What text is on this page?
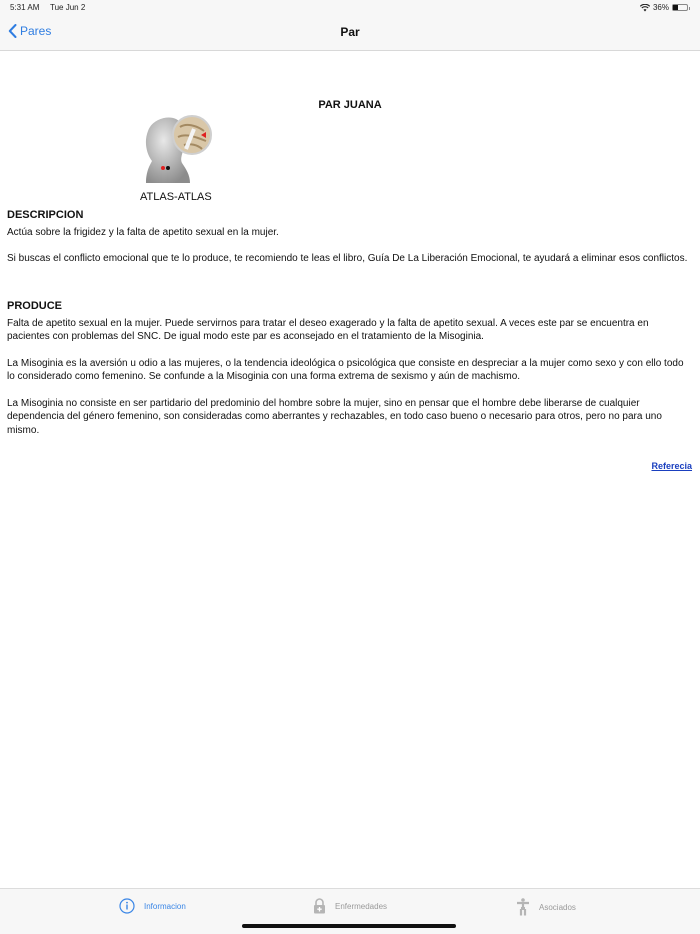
5:31 AM Tue Jun 2	36%
Pares	Par
PAR JUANA
ATLAS-ATLAS
DESCRIPCION

Actúa sobre la frigidez y la falta de apetito sexual en la mujer.

Si buscas el conflicto emocional que te lo produce, te recomiendo te leas el libro, Guía De La Liberación Emocional, te ayudará a eliminar esos conflictos.

PRODUCE

Falta de apetito sexual en la mujer. Puede servirnos para tratar el deseo exagerado y la falta de apetito sexual. A veces este par se encuentra en pacientes con problemas del SNC. De igual modo este par es aconsejado en el tratamiento de la Misoginia.

La Misoginia es la aversión u odio a las mujeres, o la tendencia ideológica o psicológica que consiste en despreciar a la mujer como sexo y con ello todo lo considerado como femenino. Se confunde a la Misoginia con una forma extrema de sexismo y aún de machismo.

La Misoginia no consiste en ser partidario del predominio del hombre sobre la mujer, sino en pensar que el hombre debe liberarse de cualquier dependencia del género femenino, son consideradas como aberrantes y rechazables, en todo caso bueno o necesario para otros, pero no para uno mismo.

Referecia
Informacion	Enfermedades	Asociados
